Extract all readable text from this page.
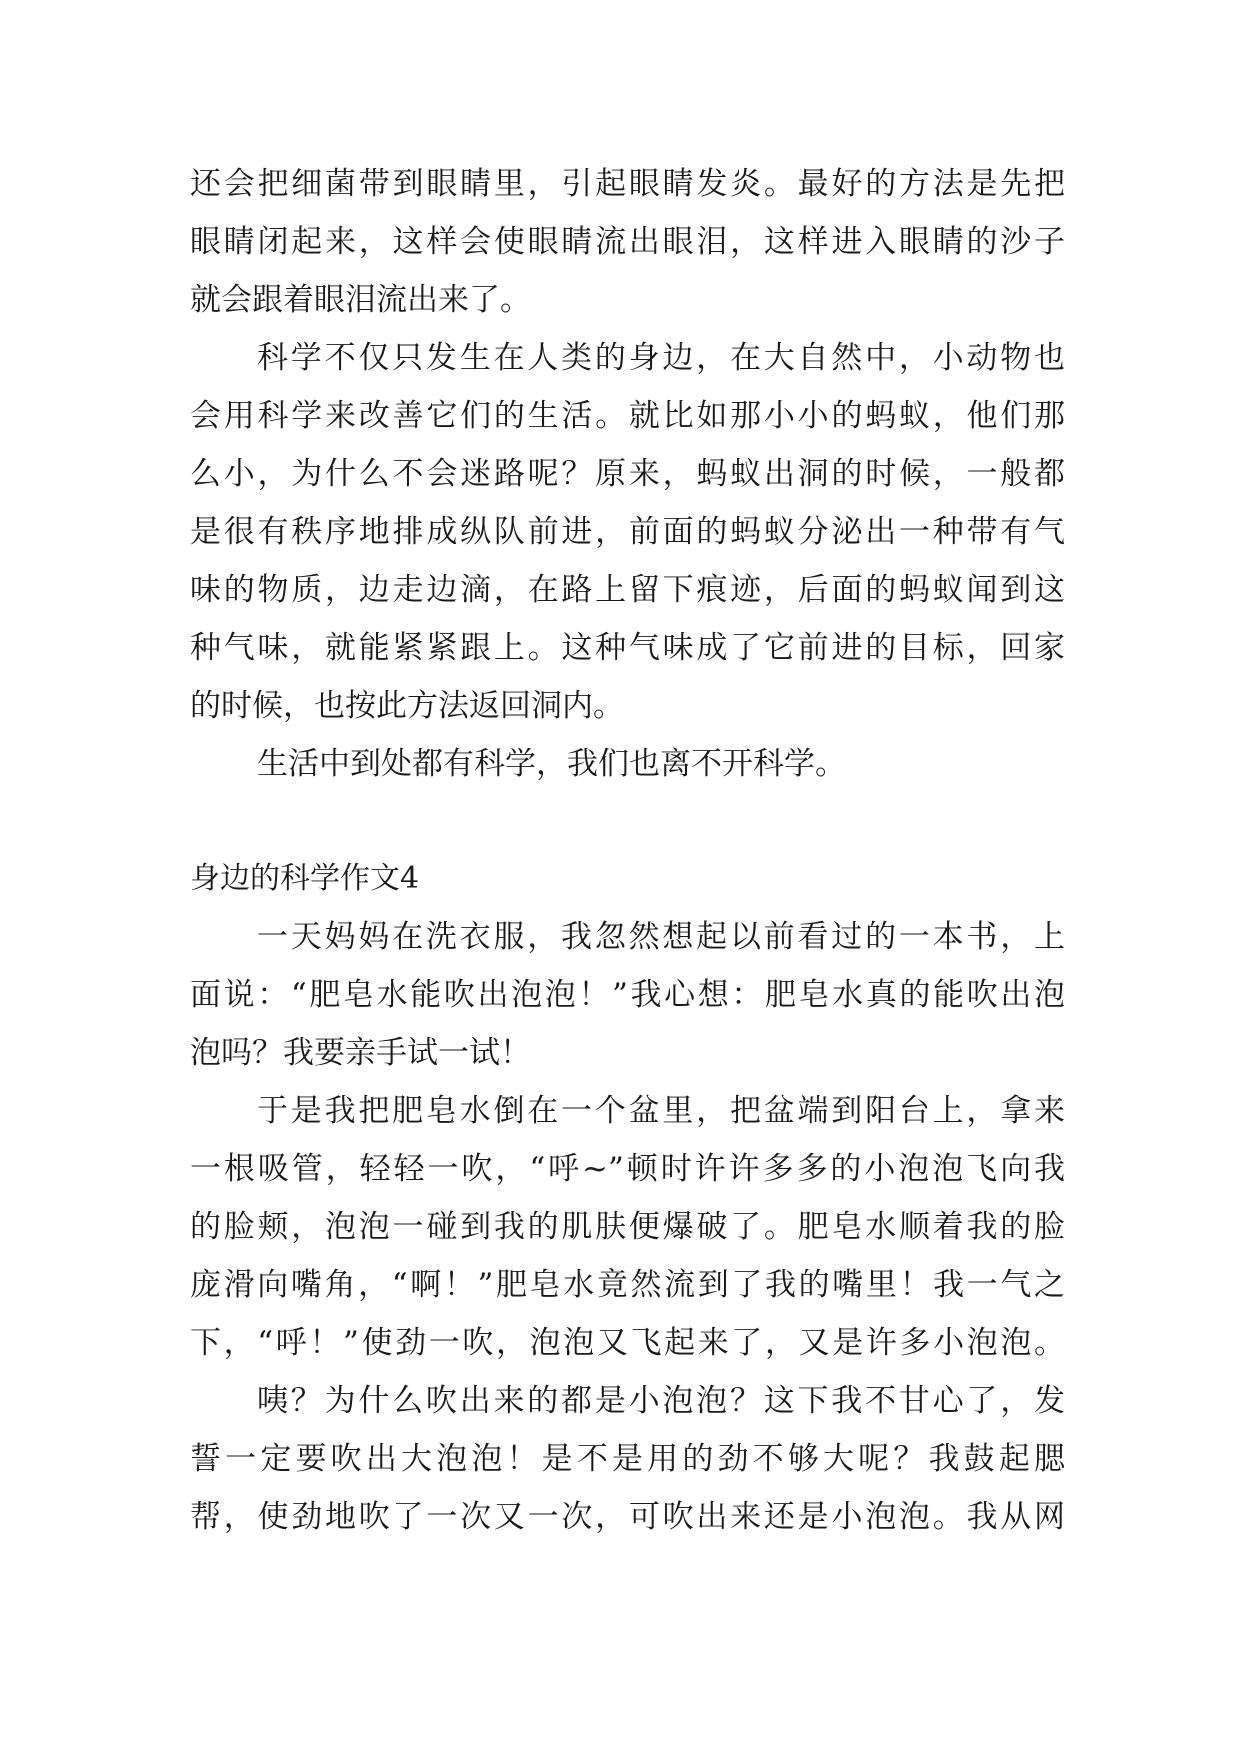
还会把细菌带到眼睛里，引起眼睛发炎。最好的方法是先把
眼睛闭起来，这样会使眼睛流出眼泪，这样进入眼睛的沙子
就会跟着眼泪流出来了。
科学不仅只发生在人类的身边，在大自然中，小动物也
会用科学来改善它们的生活。就比如那小小的蚂蚁，他们那
么小，为什么不会迷路呢？原来，蚂蚁出洞的时候，一般都
是很有秩序地排成纵队前进，前面的蚂蚁分泌出一种带有气
味的物质，边走边滴，在路上留下痕迹，后面的蚂蚁闻到这
种气味，就能紧紧跟上。这种气味成了它前进的目标，回家
的时候，也按此方法返回洞内。
生活中到处都有科学，我们也离不开科学。
身边的科学作文4
一天妈妈在洗衣服，我忽然想起以前看过的一本书，上
面说：“肥皂水能吹出泡泡！”我心想：肥皂水真的能吹出泡
泡吗？我要亲手试一试！
于是我把肥皂水倒在一个盆里，把盆端到阳台上，拿来
一根吸管，轻轻一吹，“呼~”顿时许许多多的小泡泡飞向我
的脸颊，泡泡一碰到我的肌肤便爆破了。肥皂水顺着我的脸
庞滑向嘴角，“啊！”肥皂水竟然流到了我的嘴里！我一气之
下，“呼！”使劲一吹，泡泡又飞起来了，又是许多小泡泡。
咦？为什么吹出来的都是小泡泡？这下我不甘心了，发
誓一定要吹出大泡泡！是不是用的劲不够大呢？我鼓起腮
帮，使劲地吹了一次又一次，可吹出来还是小泡泡。我从网
